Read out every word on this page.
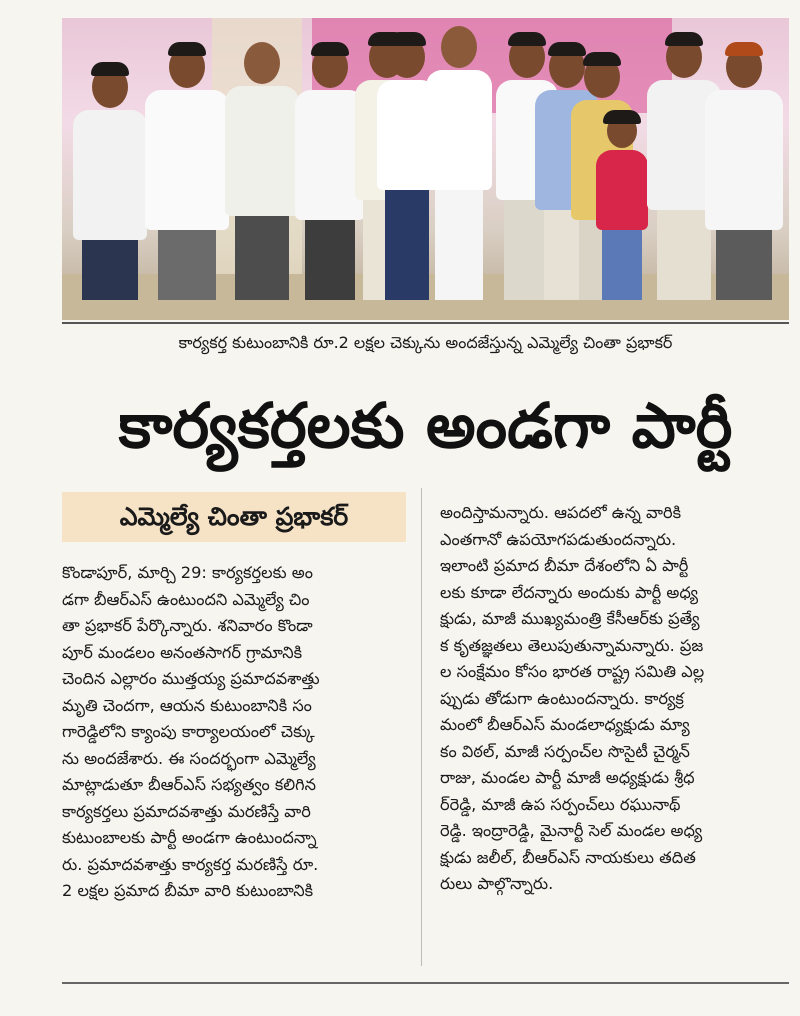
కార్యకర్త కుటుంబానికి రూ.2 లక్షల చెక్కును అందజేస్తున్న ఎమ్మెల్యే చింతా ప్రభాకర్
కార్యకర్తలకు అండగా పార్టీ
ఎమ్మెల్యే చింతా ప్రభాకర్
కొండాపూర్, మార్చి 29: కార్యకర్తలకు అం
డగా బీఆర్ఎస్ ఉంటుందని ఎమ్మెల్యే చిం
తా ప్రభాకర్ పేర్కొన్నారు. శనివారం కొండా
పూర్ మండలం అనంతసాగర్ గ్రామానికి
చెందిన ఎల్లారం ముత్తయ్య ప్రమాదవశాత్తు
మృతి చెందగా, ఆయన కుటుంబానికి సం
గారెడ్డిలోని క్యాంపు కార్యాలయంలో చెక్కు
ను అందజేశారు. ఈ సందర్భంగా ఎమ్మెల్యే
మాట్లాడుతూ బీఆర్ఎస్ సభ్యత్వం కలిగిన
కార్యకర్తలు ప్రమాదవశాత్తు మరణిస్తే వారి
కుటుంబాలకు పార్టీ అండగా ఉంటుందన్నా
రు. ప్రమాదవశాత్తు కార్యకర్త మరణిస్తే రూ.
2 లక్షల ప్రమాద బీమా వారి కుటుంబానికి
అందిస్తామన్నారు. ఆపదలో ఉన్న వారికి
ఎంతగానో ఉపయోగపడుతుందన్నారు.
ఇలాంటి ప్రమాద బీమా దేశంలోని ఏ పార్టీ
లకు కూడా లేదన్నారు అందుకు పార్టీ అధ్య
క్షుడు, మాజీ ముఖ్యమంత్రి కేసీఆర్‌కు ప్రత్యే
క కృతజ్ఞతలు తెలుపుతున్నామన్నారు. ప్రజ
ల సంక్షేమం కోసం భారత రాష్ట్ర సమితి ఎల్ల
ప్పుడు తోడుగా ఉంటుందన్నారు. కార్యక్ర
మంలో బీఆర్ఎస్ మండలాధ్యక్షుడు మ్యా
కం విఠల్, మాజీ సర్పంచ్‌ల సొసైటీ చైర్మన్
రాజు, మండల పార్టీ మాజీ అధ్యక్షుడు శ్రీధ
ర్‌రెడ్డి, మాజీ ఉప సర్పంచ్‌లు రఘునాథ్
రెడ్డి. ఇంద్రారెడ్డి, మైనార్టీ సెల్ మండల అధ్య
క్షుడు జలీల్, బీఆర్ఎస్ నాయకులు తదిత
రులు పాల్గొన్నారు.
